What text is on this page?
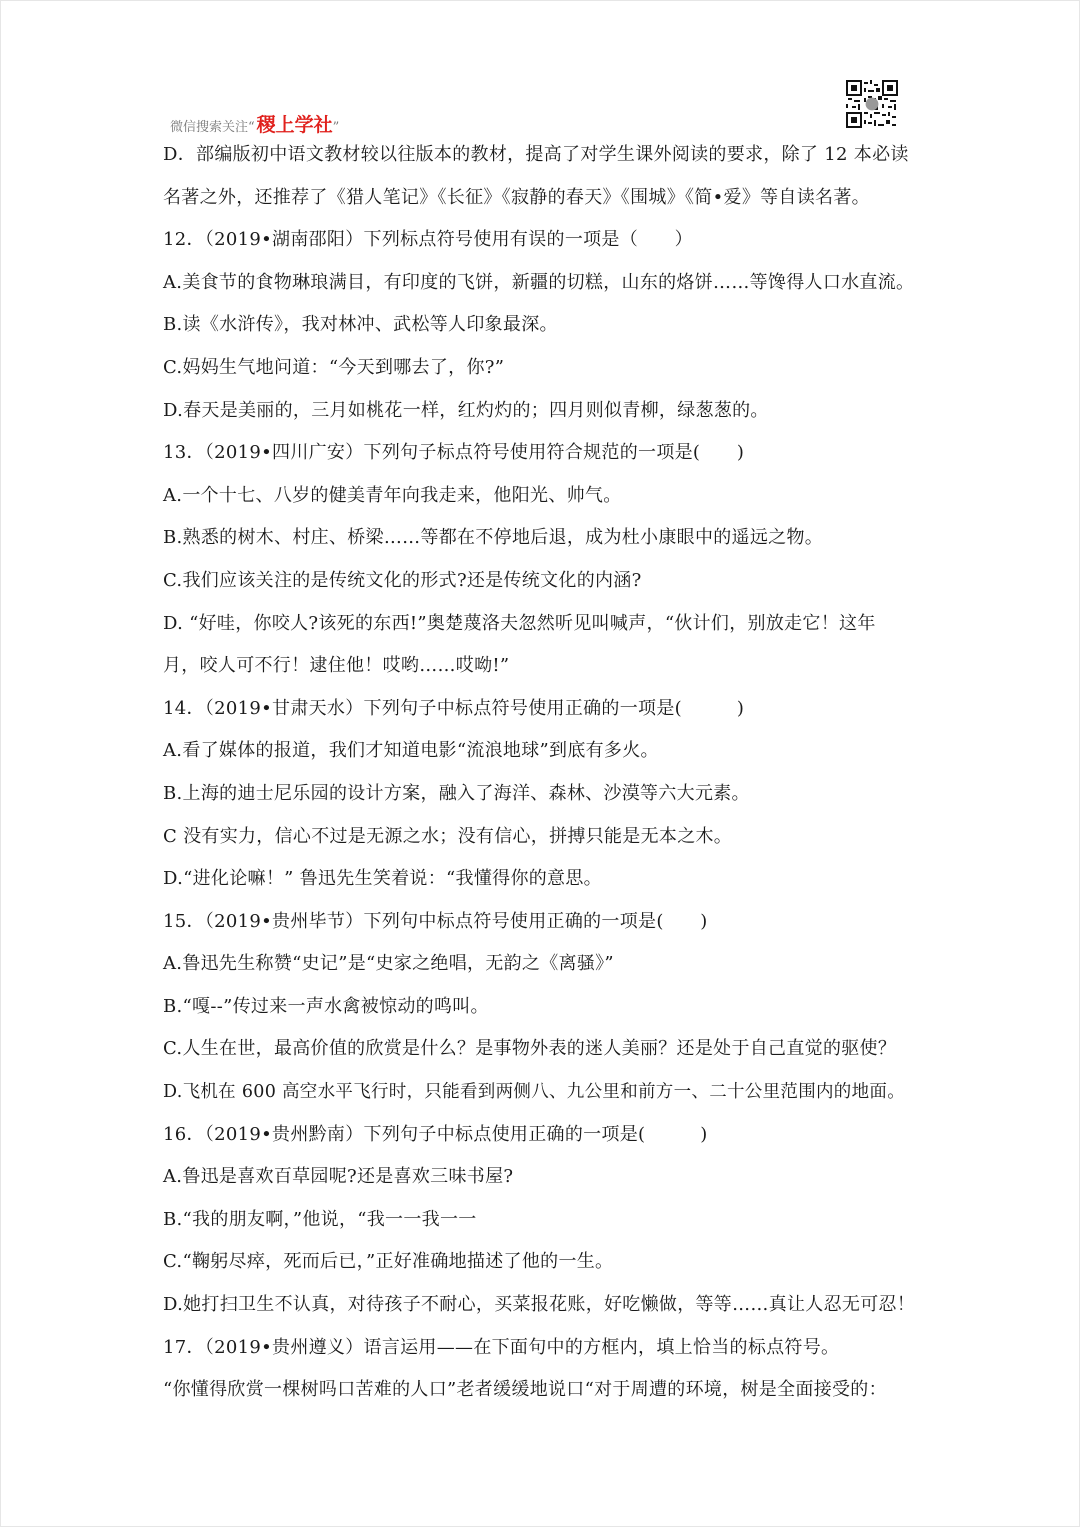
微信搜索关注“ 稷上学社 ”
D．部编版初中语文教材较以往版本的教材，提高了对学生课外阅读的要求，除了 12 本必读
名著之外，还推荐了《猎人笔记》《长征》《寂静的春天》《围城》《简•爱》等自读名著。
12．（2019•湖南邵阳）下列标点符号使用有误的一项是（　　）
A.美食节的食物琳琅满目，有印度的飞饼，新疆的切糕，山东的烙饼……等馋得人口水直流。
B.读《水浒传》，我对林冲、武松等人印象最深。
C.妈妈生气地问道：“今天到哪去了，你?”
D.春天是美丽的，三月如桃花一样，红灼灼的；四月则似青柳，绿葱葱的。
13．（2019•四川广安）下列句子标点符号使用符合规范的一项是(　　)
A.一个十七、八岁的健美青年向我走来，他阳光、帅气。
B.熟悉的树木、村庄、桥梁……等都在不停地后退，成为杜小康眼中的遥远之物。
C.我们应该关注的是传统文化的形式?还是传统文化的内涵?
D. “好哇，你咬人?该死的东西!”奥楚蔑洛夫忽然听见叫喊声，“伙计们，别放走它！这年
月，咬人可不行！逮住他！哎哟……哎呦!”
14．（2019•甘肃天水）下列句子中标点符号使用正确的一项是(　　　)
A.看了媒体的报道，我们才知道电影“流浪地球”到底有多火。
B.上海的迪士尼乐园的设计方案，融入了海洋、森林、沙漠等六大元素。
C 没有实力，信心不过是无源之水；没有信心，拼搏只能是无本之木。
D.“进化论嘛！” 鲁迅先生笑着说：“我懂得你的意思。
15．（2019•贵州毕节）下列句中标点符号使用正确的一项是(　　)
A.鲁迅先生称赞“史记”是“史家之绝唱，无韵之《离骚》”
B.“嘎--”传过来一声水禽被惊动的鸣叫。
C.人生在世，最高价值的欣赏是什么？是事物外表的迷人美丽？还是处于自己直觉的驱使？
D.飞机在 600 高空水平飞行时，只能看到两侧八、九公里和前方一、二十公里范围内的地面。
16．（2019•贵州黔南）下列句子中标点使用正确的一项是(　　　)
A.鲁迅是喜欢百草园呢?还是喜欢三味书屋?
B.“我的朋友啊，”他说，“我一一我一一
C.“鞠躬尽瘁，死而后已，”正好准确地描述了他的一生。
D.她打扫卫生不认真，对待孩子不耐心，买菜报花账，好吃懒做，等等……真让人忍无可忍！
17．（2019•贵州遵义）语言运用——在下面句中的方框内，填上恰当的标点符号。
“你懂得欣赏一棵树吗口苦难的人口”老者缓缓地说口“对于周遭的环境，树是全面接受的：
